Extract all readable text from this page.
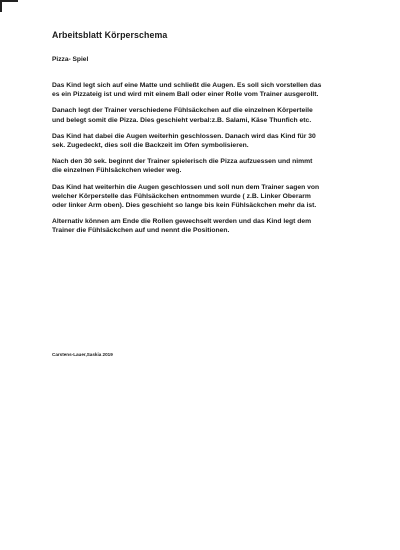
Arbeitsblatt Körperschema
Pizza- Spiel

Das Kind legt sich auf eine Matte und schließt die Augen. Es soll sich vorstellen das
es ein Pizzateig ist und wird mit einem Ball oder einer Rolle vom Trainer ausgerollt.

Danach legt der Trainer verschiedene Fühlsäckchen auf die einzelnen Körperteile
und belegt somit die Pizza. Dies geschieht verbal:z.B. Salami, Käse Thunfich etc.

Das Kind hat dabei die Augen weiterhin geschlossen. Danach wird das Kind für 30
sek. Zugedeckt, dies soll die Backzeit im Ofen symbolisieren.

Nach den 30 sek. beginnt der Trainer spielerisch die Pizza aufzuessen und nimmt
die einzelnen Fühlsäckchen wieder weg.

Das Kind hat weiterhin die Augen geschlossen und soll nun dem Trainer sagen von
welcher Körperstelle das Fühlsäckchen entnommen wurde ( z.B. Linker Oberarm
oder linker Arm oben). Dies geschieht so lange bis kein Fühlsäckchen mehr da ist.

Alternativ können am Ende die Rollen gewechselt werden und das Kind legt dem
Trainer die Fühlsäckchen auf und nennt die Positionen.

Carstens-Lauer,Saskia 2019
